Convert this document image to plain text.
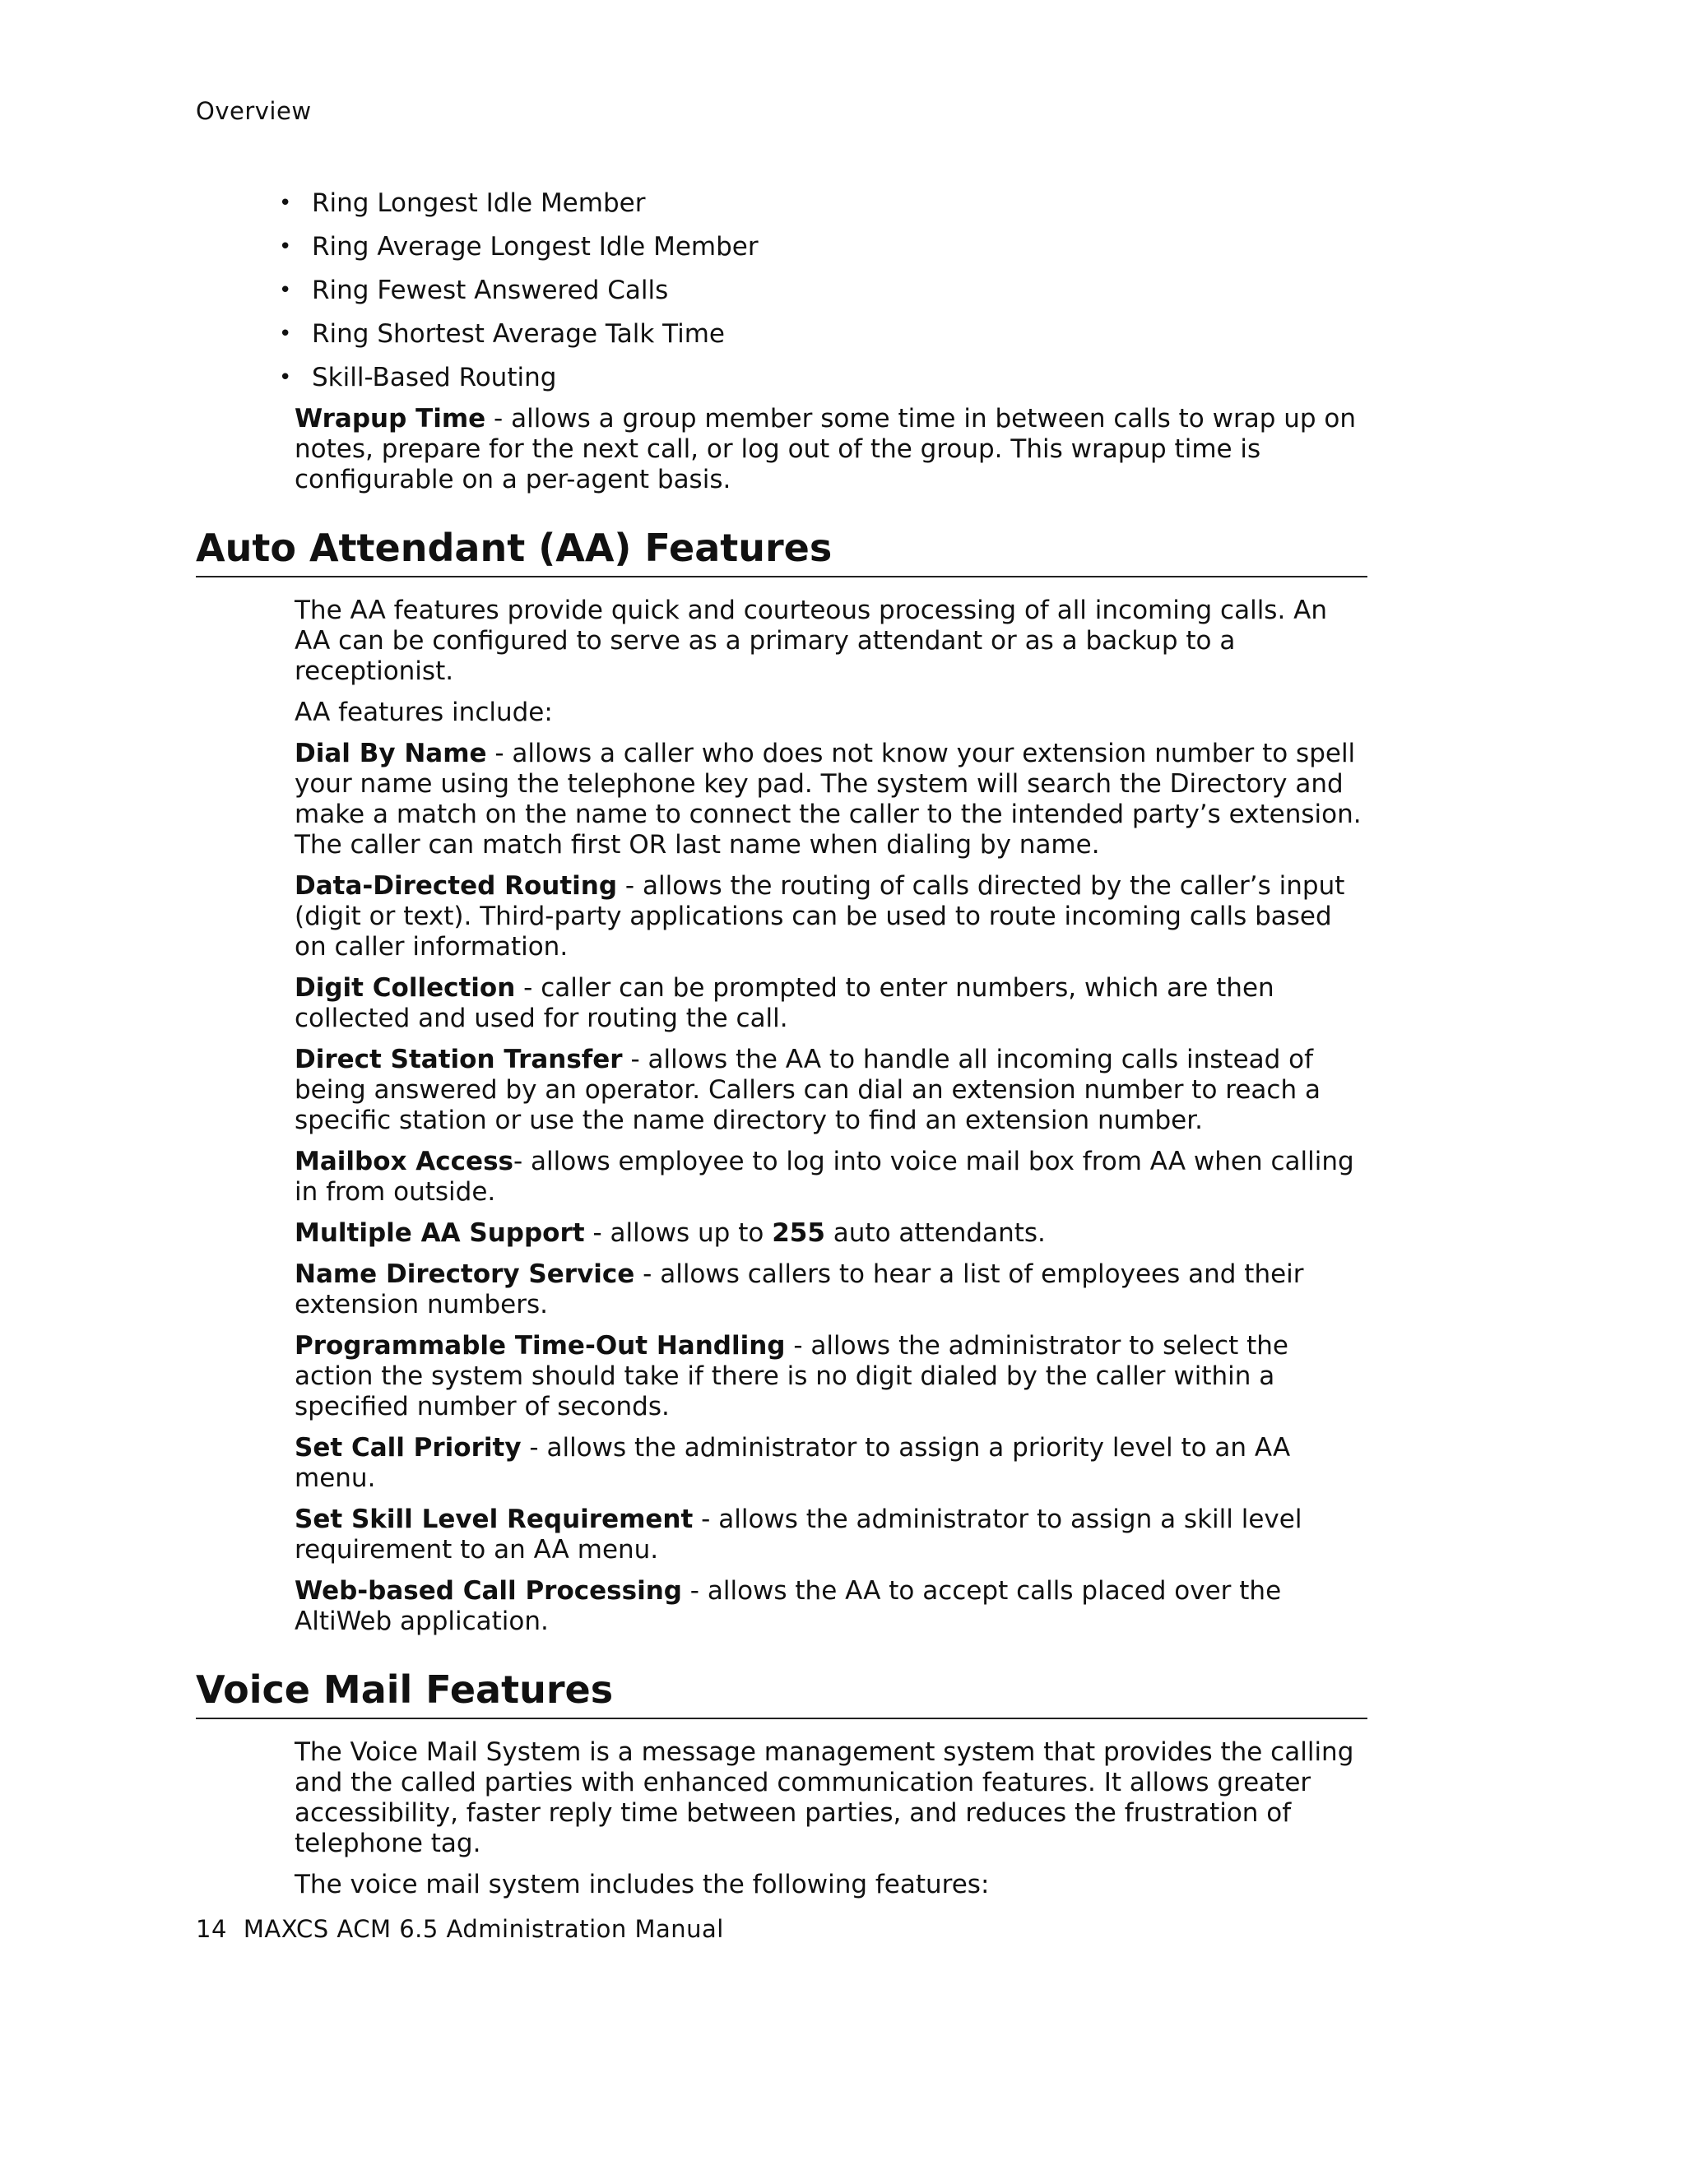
Overview
• Ring Longest Idle Member
• Ring Average Longest Idle Member
• Ring Fewest Answered Calls
• Ring Shortest Average Talk Time
• Skill-Based Routing

Wrapup Time - allows a group member some time in between calls to wrap up on notes, prepare for the next call, or log out of the group. This wrapup time is configurable on a per-agent basis.

Auto Attendant (AA) Features

The AA features provide quick and courteous processing of all incoming calls. An AA can be configured to serve as a primary attendant or as a backup to a receptionist.

AA features include:

Dial By Name - allows a caller who does not know your extension number to spell your name using the telephone key pad. The system will search the Directory and make a match on the name to connect the caller to the intended party’s extension. The caller can match first OR last name when dialing by name.

Data-Directed Routing - allows the routing of calls directed by the caller’s input (digit or text). Third-party applications can be used to route incoming calls based on caller information.

Digit Collection - caller can be prompted to enter numbers, which are then collected and used for routing the call.

Direct Station Transfer - allows the AA to handle all incoming calls instead of being answered by an operator. Callers can dial an extension number to reach a specific station or use the name directory to find an extension number.

Mailbox Access- allows employee to log into voice mail box from AA when calling in from outside.

Multiple AA Support - allows up to 255 auto attendants.

Name Directory Service - allows callers to hear a list of employees and their extension numbers.

Programmable Time-Out Handling - allows the administrator to select the action the system should take if there is no digit dialed by the caller within a specified number of seconds.

Set Call Priority - allows the administrator to assign a priority level to an AA menu.

Set Skill Level Requirement - allows the administrator to assign a skill level requirement to an AA menu.

Web-based Call Processing - allows the AA to accept calls placed over the AltiWeb application.

Voice Mail Features

The Voice Mail System is a message management system that provides the calling and the called parties with enhanced communication features. It allows greater accessibility, faster reply time between parties, and reduces the frustration of telephone tag.

The voice mail system includes the following features:

14 MAXCS ACM 6.5 Administration Manual
